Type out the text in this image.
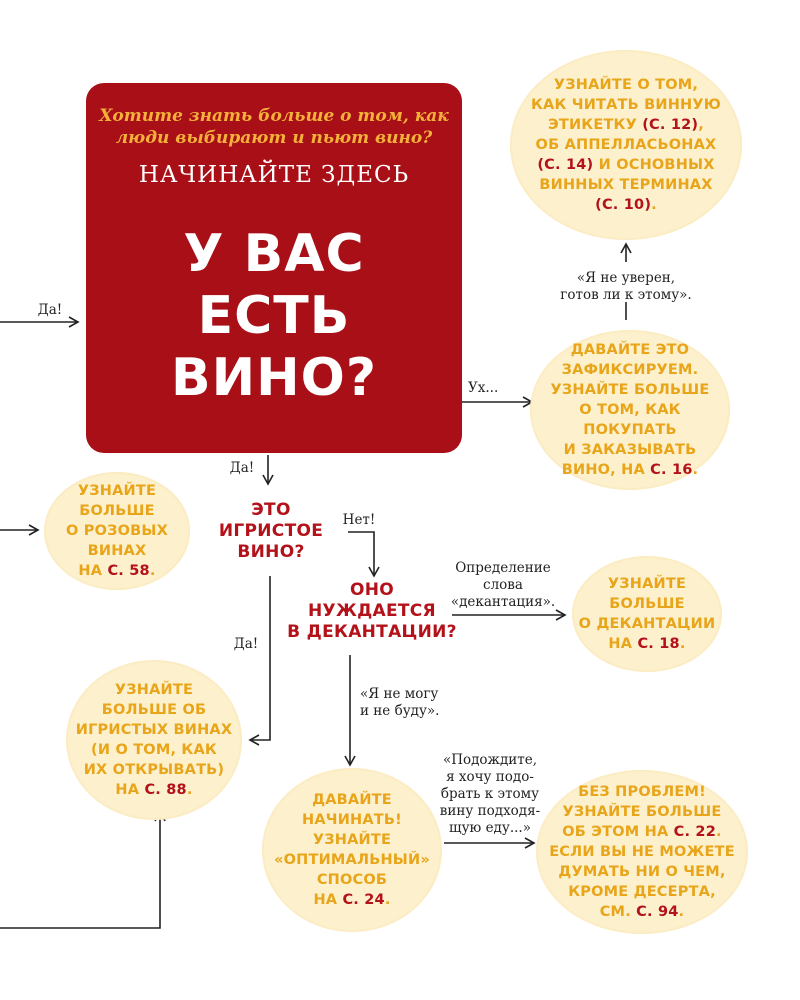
Хотите знать больше о том, как
люди выбирают и пьют вино?
НАЧИНАЙТЕ ЗДЕСЬ
У ВАС
ЕСТЬ
ВИНО?
Да!
Ух...
«Я не уверен,
готов ли к этому».
Да!
Нет!
Да!
Определение
слова
«декантация».
«Я не могу
и не буду».
«Подождите,
я хочу подо-
брать к этому
вину подходя-
щую еду...»
ЭТО
ИГРИСТОЕ
ВИНО?
ОНО
НУЖДАЕТСЯ
В ДЕКАНТАЦИИ?
УЗНАЙТЕ О ТОМ,
КАК ЧИТАТЬ ВИННУЮ
ЭТИКЕТКУ (С. 12),
ОБ АППЕЛЛАСЬОНАХ
(С. 14) И ОСНОВНЫХ
ВИННЫХ ТЕРМИНАХ
(С. 10).
ДАВАЙТЕ ЭТО
ЗАФИКСИРУЕМ.
УЗНАЙТЕ БОЛЬШЕ
О ТОМ, КАК ПОКУПАТЬ
И ЗАКАЗЫВАТЬ
ВИНО, НА С. 16.
УЗНАЙТЕ
БОЛЬШЕ
О РОЗОВЫХ
ВИНАХ
НА С. 58.
УЗНАЙТЕ
БОЛЬШЕ
О ДЕКАНТАЦИИ
НА С. 18.
УЗНАЙТЕ
БОЛЬШЕ ОБ
ИГРИСТЫХ ВИНАХ
(И О ТОМ, КАК
ИХ ОТКРЫВАТЬ)
НА С. 88.
ДАВАЙТЕ
НАЧИНАТЬ!
УЗНАЙТЕ
«ОПТИМАЛЬНЫЙ»
СПОСОБ
НА С. 24.
БЕЗ ПРОБЛЕМ!
УЗНАЙТЕ БОЛЬШЕ
ОБ ЭТОМ НА С. 22.
ЕСЛИ ВЫ НЕ МОЖЕТЕ
ДУМАТЬ НИ О ЧЕМ,
КРОМЕ ДЕСЕРТА,
СМ. С. 94.
